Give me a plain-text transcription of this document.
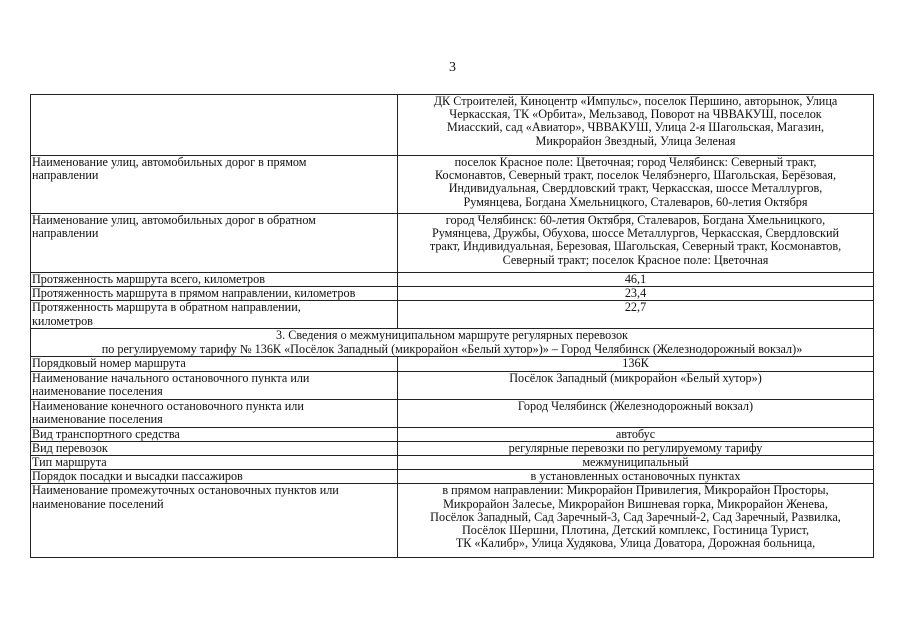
3

	ДК Строителей, Киноцентр «Импульс», поселок Першино, авторынок, Улица
Черкасская, ТК «Орбита», Мельзавод, Поворот на ЧВВАКУШ, поселок
Миасский, сад «Авиатор», ЧВВАКУШ, Улица 2-я Шагольская, Магазин,
Микрорайон Звездный, Улица Зеленая

Наименование улиц, автомобильных дорог в прямом
направлении	поселок Красное поле: Цветочная; город Челябинск: Северный тракт,
Космонавтов, Северный тракт, поселок Челябэнерго, Шагольская, Берёзовая,
Индивидуальная, Свердловский тракт, Черкасская, шоссе Металлургов,
Румянцева, Богдана Хмельницкого, Сталеваров, 60-летия Октября

Наименование улиц, автомобильных дорог в обратном
направлении	город Челябинск: 60-летия Октября, Сталеваров, Богдана Хмельницкого,
Румянцева, Дружбы, Обухова, шоссе Металлургов, Черкасская, Свердловский
тракт, Индивидуальная, Березовая, Шагольская, Северный тракт, Космонавтов,
Северный тракт; поселок Красное поле: Цветочная

Протяженность маршрута всего, километров	46,1
Протяженность маршрута в прямом направлении, километров	23,4

Протяженность маршрута в обратном направлении,
километров	22,7

3. Сведения о межмуниципальном маршруте регулярных перевозок
по регулируемому тарифу № 136К «Посёлок Западный (микрорайон «Белый хутор»)» – Город Челябинск (Железнодорожный вокзал)»	

Порядковый номер маршрута	136К

Наименование начального остановочного пункта или
наименование поселения	Посёлок Западный (микрорайон «Белый хутор»)

Наименование конечного остановочного пункта или
наименование поселения	Город Челябинск (Железнодорожный вокзал)
Вид транспортного средства	автобус
Вид перевозок	регулярные перевозки по регулируемому тарифу
Тип маршрута	межмуниципальный
Порядок посадки и высадки пассажиров	в установленных остановочных пунктах

Наименование промежуточных остановочных пунктов или
наименование поселений	в прямом направлении: Микрорайон Привилегия, Микрорайон Просторы,
Микрорайон Залесье, Микрорайон Вишневая горка, Микрорайон Женева,
Посёлок Западный, Сад Заречный-3, Сад Заречный-2, Сад Заречный, Развилка,
Посёлок Шершни, Плотина, Детский комплекс, Гостиница Турист,
ТК «Калибр», Улица Худякова, Улица Доватора, Дорожная больница,
